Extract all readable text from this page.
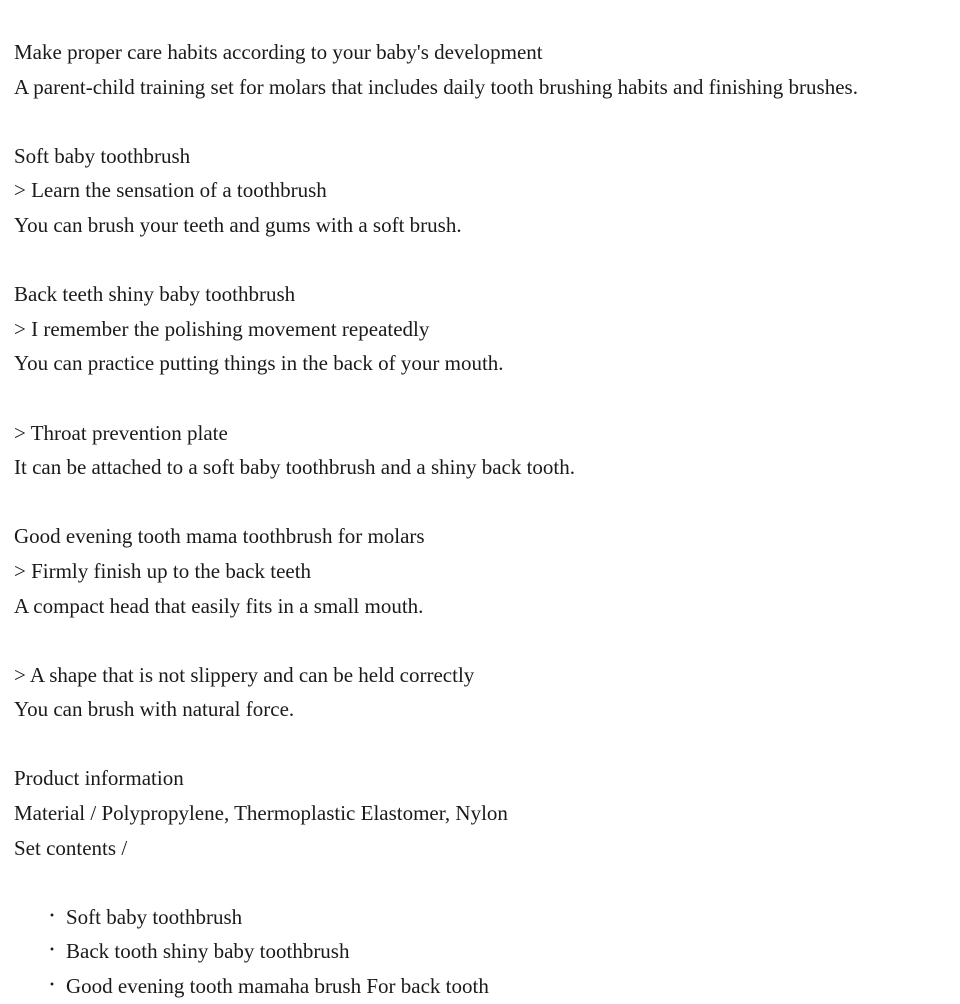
Make proper care habits according to your baby's development
A parent-child training set for molars that includes daily tooth brushing habits and finishing brushes.
Soft baby toothbrush
> Learn the sensation of a toothbrush
You can brush your teeth and gums with a soft brush.
Back teeth shiny baby toothbrush
> I remember the polishing movement repeatedly
You can practice putting things in the back of your mouth.
> Throat prevention plate
It can be attached to a soft baby toothbrush and a shiny back tooth.
Good evening tooth mama toothbrush for molars
> Firmly finish up to the back teeth
A compact head that easily fits in a small mouth.
> A shape that is not slippery and can be held correctly
You can brush with natural force.
Product information
Material / Polypropylene, Thermoplastic Elastomer, Nylon
Set contents /
・ Soft baby toothbrush
・ Back tooth shiny baby toothbrush
・ Good evening tooth mamaha brush For back tooth
